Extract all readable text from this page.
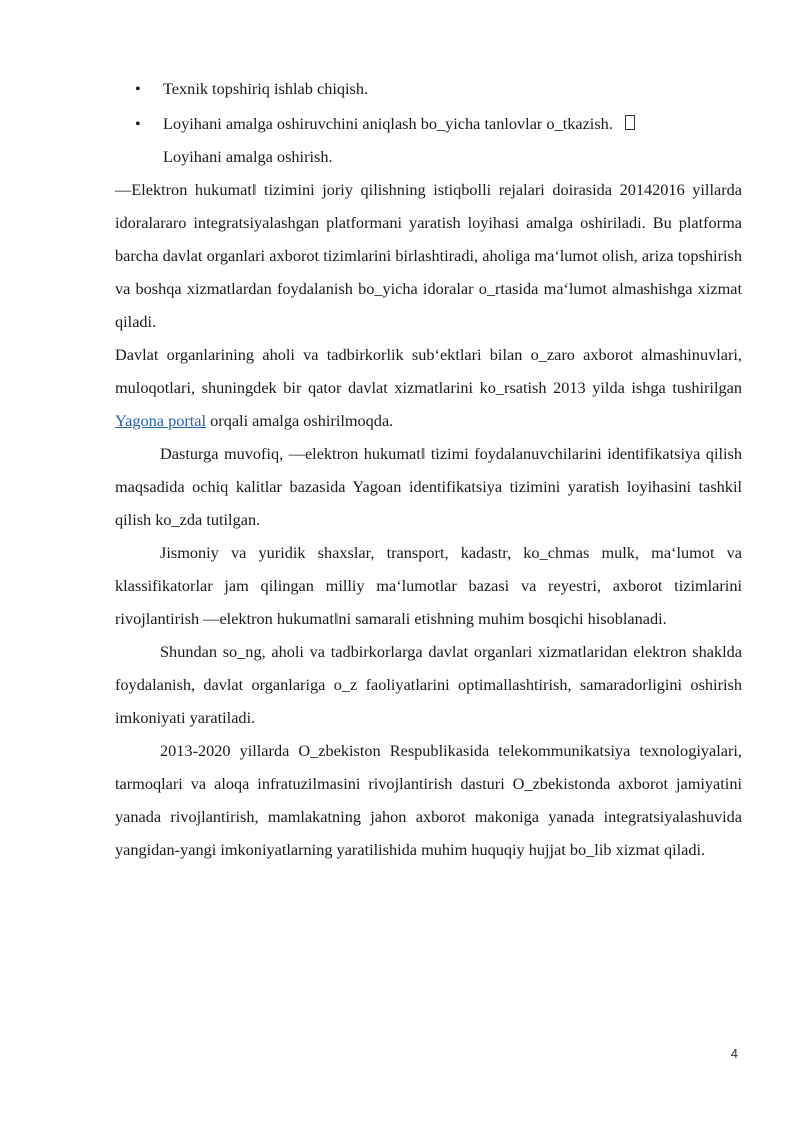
• Texnik topshiriq ishlab chiqish.
• Loyihani amalga oshiruvchini aniqlash bo_yicha tanlovlar o_tkazish.
Loyihani amalga oshirish.

―Elektron hukumat‖ tizimini joriy qilishning istiqbolli rejalari doirasida 20142016 yillarda idoralararo integratsiyalashgan platformani yaratish loyihasi amalga oshiriladi. Bu platforma barcha davlat organlari axborot tizimlarini birlashtiradi, aholiga ma‘lumot olish, ariza topshirish va boshqa xizmatlardan foydalanish bo_yicha idoralar o_rtasida ma‘lumot almashishga xizmat qiladi.

Davlat organlarining aholi va tadbirkorlik sub‘ektlari bilan o_zaro axborot almashinuvlari, muloqotlari, shuningdek bir qator davlat xizmatlarini ko_rsatish 2013 yilda ishga tushirilgan Yagona portal orqali amalga oshirilmoqda.

Dasturga muvofiq, ―elektron hukumat‖ tizimi foydalanuvchilarini identifikatsiya qilish maqsadida ochiq kalitlar bazasida Yagoan identifikatsiya tizimini yaratish loyihasini tashkil qilish ko_zda tutilgan.

Jismoniy va yuridik shaxslar, transport, kadastr, ko_chmas mulk, ma‘lumot va klassifikatorlar jam qilingan milliy ma‘lumotlar bazasi va reyestri, axborot tizimlarini rivojlantirish ―elektron hukumat‖ni samarali etishning muhim bosqichi hisoblanadi.

Shundan so_ng, aholi va tadbirkorlarga davlat organlari xizmatlaridan elektron shakldа foydalanish, davlat organlariga o_z faoliyatlarini optimallashtirish, samaradorligini oshirish imkoniyati yaratiladi.

2013-2020 yillarda O_zbekiston Respublikasida telekommunikatsiya texnologiyalari, tarmoqlari va aloqa infratuzilmasini rivojlantirish dasturi O_zbekistonda axborot jamiyatini yanada rivojlantirish, mamlakatning jahon axborot makoniga yanada integratsiyalashuvida yangidan-yangi imkoniyatlarning yaratilishida muhim huquqiy hujjat bo_lib xizmat qiladi.

4
